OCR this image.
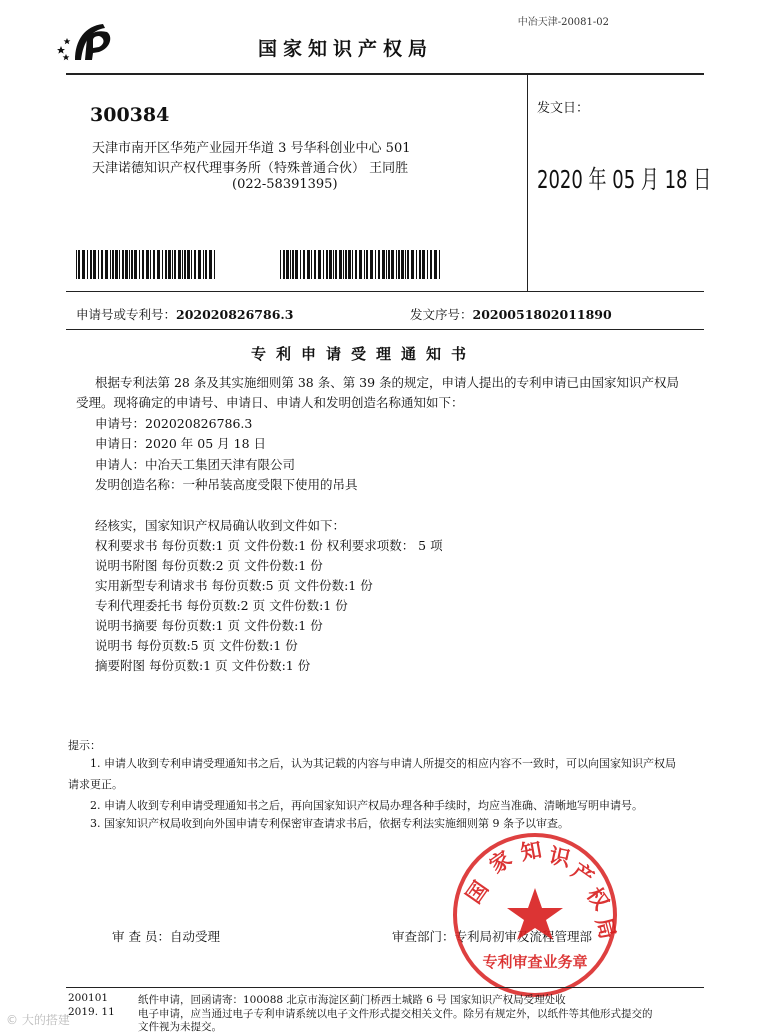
中冶天津-20081-02
国家知识产权局
300384
天津市南开区华苑产业园开华道 3 号华科创业中心 501
天津诺德知识产权代理事务所（特殊普通合伙） 王同胜
(022-58391395)
发文日：
2020 年 05 月 18 日
申请号或专利号：202020826786.3	发文序号：2020051802011890
专利申请受理通知书
根据专利法第 28 条及其实施细则第 38 条、第 39 条的规定，申请人提出的专利申请已由国家知识产权局
受理。现将确定的申请号、申请日、申请人和发明创造名称通知如下：
申请号：202020826786.3
申请日：2020 年 05 月 18 日
申请人：中冶天工集团天津有限公司
发明创造名称：一种吊装高度受限下使用的吊具
经核实，国家知识产权局确认收到文件如下：
权利要求书 每份页数:1 页 文件份数:1 份 权利要求项数： 5 项
说明书附图 每份页数:2 页 文件份数:1 份
实用新型专利请求书 每份页数:5 页 文件份数:1 份
专利代理委托书 每份页数:2 页 文件份数:1 份
说明书摘要 每份页数:1 页 文件份数:1 份
说明书 每份页数:5 页 文件份数:1 份
摘要附图 每份页数:1 页 文件份数:1 份
提示：
1. 申请人收到专利申请受理通知书之后，认为其记载的内容与申请人所提交的相应内容不一致时，可以向国家知识产权局
请求更正。
2. 申请人收到专利申请受理通知书之后，再向国家知识产权局办理各种手续时，均应当准确、清晰地写明申请号。
3. 国家知识产权局收到向外国申请专利保密审查请求书后，依据专利法实施细则第 9 条予以审查。
审 查 员：自动受理	审查部门：专利局初审及流程管理部
国
家 知 识
产
权
局
专利审查业务章
200101
2019. 11
纸件申请，回函请寄：100088 北京市海淀区蓟门桥西土城路 6 号 国家知识产权局受理处收
电子申请，应当通过电子专利申请系统以电子文件形式提交相关文件。除另有规定外，以纸件等其他形式提交的
文件视为未提交。
© 大的搭建
